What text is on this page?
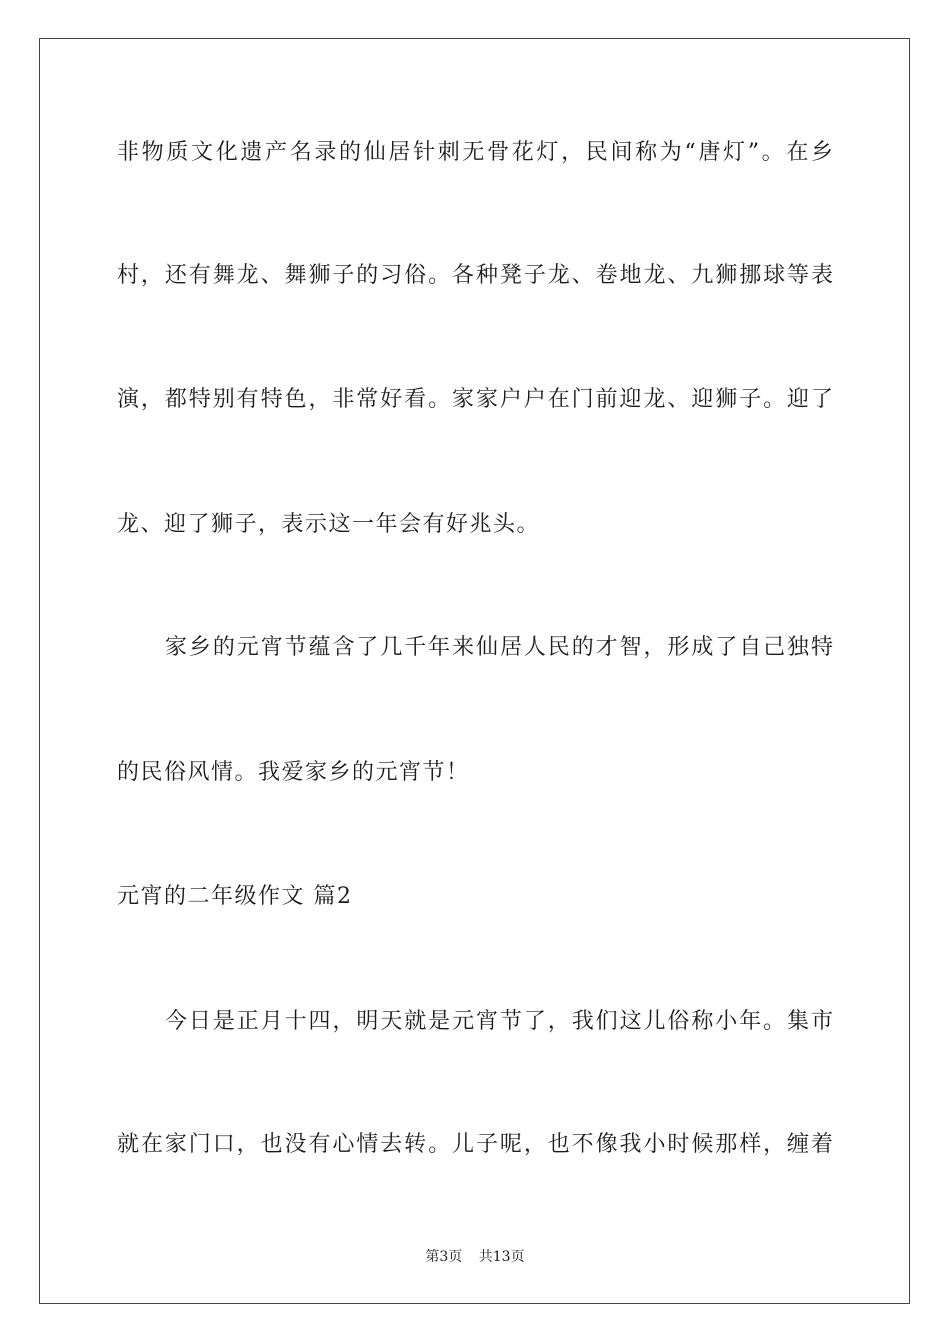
非物质文化遗产名录的仙居针刺无骨花灯，民间称为“唐灯”。在乡
村，还有舞龙、舞狮子的习俗。各种凳子龙、卷地龙、九狮挪球等表
演，都特别有特色，非常好看。家家户户在门前迎龙、迎狮子。迎了
龙、迎了狮子，表示这一年会有好兆头。
家乡的元宵节蕴含了几千年来仙居人民的才智，形成了自己独特
的民俗风情。我爱家乡的元宵节！
元宵的二年级作文 篇2
今日是正月十四，明天就是元宵节了，我们这儿俗称小年。集市
就在家门口，也没有心情去转。儿子呢，也不像我小时候那样，缠着
第3页 共13页
